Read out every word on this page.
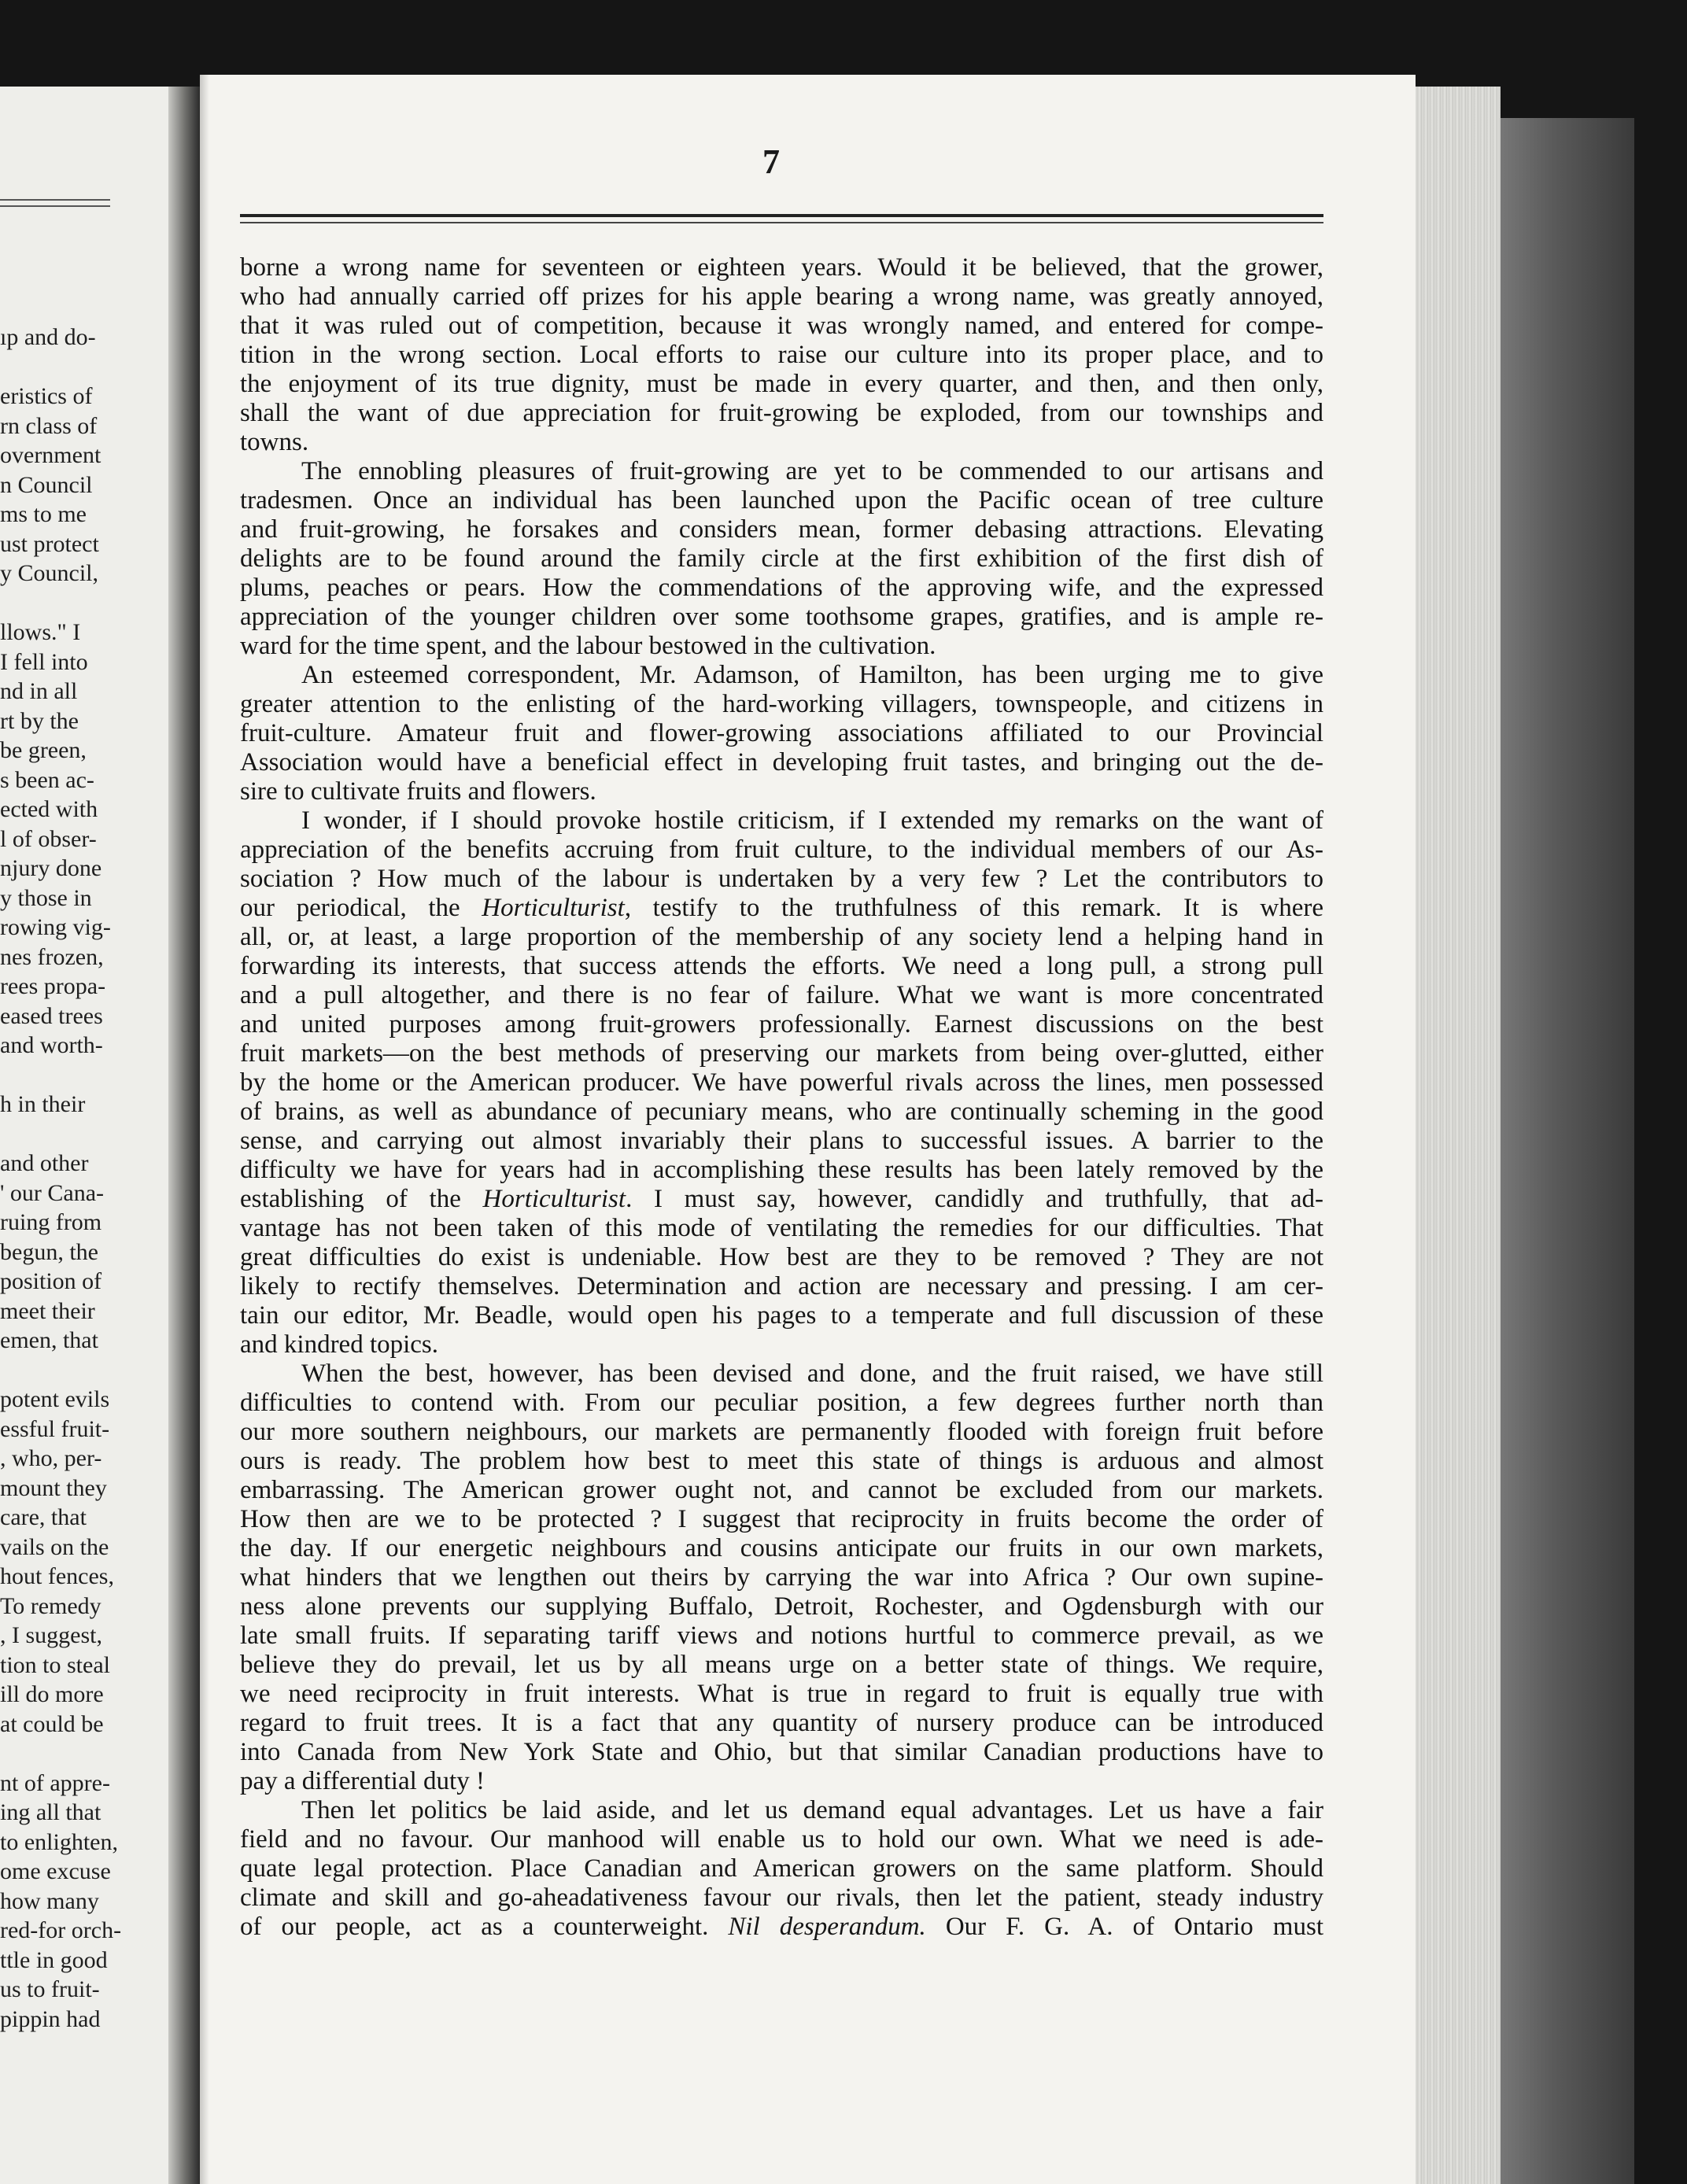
ıp and do-
eristics of
rn class of
overnment
n Council
ms to me
ust protect
y Council,
llows." I
I fell into
nd in all
rt by the
be green,
s been ac-
ected with
l of obser-
njury done
y those in
rowing vig-
nes frozen,
rees propa-
eased trees
and worth-
h in their
and other
' our Cana-
ruing from
begun, the
position of
meet their
emen, that
potent evils
essful fruit-
, who, per-
mount they
care, that
vails on the
hout fences,
To remedy
, I suggest,
tion to steal
ill do more
at could be
nt of appre-
ing all that
to enlighten,
ome excuse
how many
red-for orch-
ttle in good
us to fruit-
pippin had
7
borne a wrong name for seventeen or eighteen years. Would it be believed, that the grower,
who had annually carried off prizes for his apple bearing a wrong name, was greatly annoyed,
that it was ruled out of competition, because it was wrongly named, and entered for compe-
tition in the wrong section. Local efforts to raise our culture into its proper place, and to
the enjoyment of its true dignity, must be made in every quarter, and then, and then only,
shall the want of due appreciation for fruit-growing be exploded, from our townships and
towns.
The ennobling pleasures of fruit-growing are yet to be commended to our artisans and
tradesmen. Once an individual has been launched upon the Pacific ocean of tree culture
and fruit-growing, he forsakes and considers mean, former debasing attractions. Elevating
delights are to be found around the family circle at the first exhibition of the first dish of
plums, peaches or pears. How the commendations of the approving wife, and the expressed
appreciation of the younger children over some toothsome grapes, gratifies, and is ample re-
ward for the time spent, and the labour bestowed in the cultivation.
An esteemed correspondent, Mr. Adamson, of Hamilton, has been urging me to give
greater attention to the enlisting of the hard-working villagers, townspeople, and citizens in
fruit-culture. Amateur fruit and flower-growing associations affiliated to our Provincial
Association would have a beneficial effect in developing fruit tastes, and bringing out the de-
sire to cultivate fruits and flowers.
I wonder, if I should provoke hostile criticism, if I extended my remarks on the want of
appreciation of the benefits accruing from fruit culture, to the individual members of our As-
sociation ? How much of the labour is undertaken by a very few ? Let the contributors to
our periodical, the Horticulturist, testify to the truthfulness of this remark. It is where
all, or, at least, a large proportion of the membership of any society lend a helping hand in
forwarding its interests, that success attends the efforts. We need a long pull, a strong pull
and a pull altogether, and there is no fear of failure. What we want is more concentrated
and united purposes among fruit-growers professionally. Earnest discussions on the best
fruit markets—on the best methods of preserving our markets from being over-glutted, either
by the home or the American producer. We have powerful rivals across the lines, men possessed
of brains, as well as abundance of pecuniary means, who are continually scheming in the good
sense, and carrying out almost invariably their plans to successful issues. A barrier to the
difficulty we have for years had in accomplishing these results has been lately removed by the
establishing of the Horticulturist. I must say, however, candidly and truthfully, that ad-
vantage has not been taken of this mode of ventilating the remedies for our difficulties. That
great difficulties do exist is undeniable. How best are they to be removed ? They are not
likely to rectify themselves. Determination and action are necessary and pressing. I am cer-
tain our editor, Mr. Beadle, would open his pages to a temperate and full discussion of these
and kindred topics.
When the best, however, has been devised and done, and the fruit raised, we have still
difficulties to contend with. From our peculiar position, a few degrees further north than
our more southern neighbours, our markets are permanently flooded with foreign fruit before
ours is ready. The problem how best to meet this state of things is arduous and almost
embarrassing. The American grower ought not, and cannot be excluded from our markets.
How then are we to be protected ? I suggest that reciprocity in fruits become the order of
the day. If our energetic neighbours and cousins anticipate our fruits in our own markets,
what hinders that we lengthen out theirs by carrying the war into Africa ? Our own supine-
ness alone prevents our supplying Buffalo, Detroit, Rochester, and Ogdensburgh with our
late small fruits. If separating tariff views and notions hurtful to commerce prevail, as we
believe they do prevail, let us by all means urge on a better state of things. We require,
we need reciprocity in fruit interests. What is true in regard to fruit is equally true with
regard to fruit trees. It is a fact that any quantity of nursery produce can be introduced
into Canada from New York State and Ohio, but that similar Canadian productions have to
pay a differential duty !
Then let politics be laid aside, and let us demand equal advantages. Let us have a fair
field and no favour. Our manhood will enable us to hold our own. What we need is ade-
quate legal protection. Place Canadian and American growers on the same platform. Should
climate and skill and go-aheadativeness favour our rivals, then let the patient, steady industry
of our people, act as a counterweight. Nil desperandum. Our F. G. A. of Ontario must
